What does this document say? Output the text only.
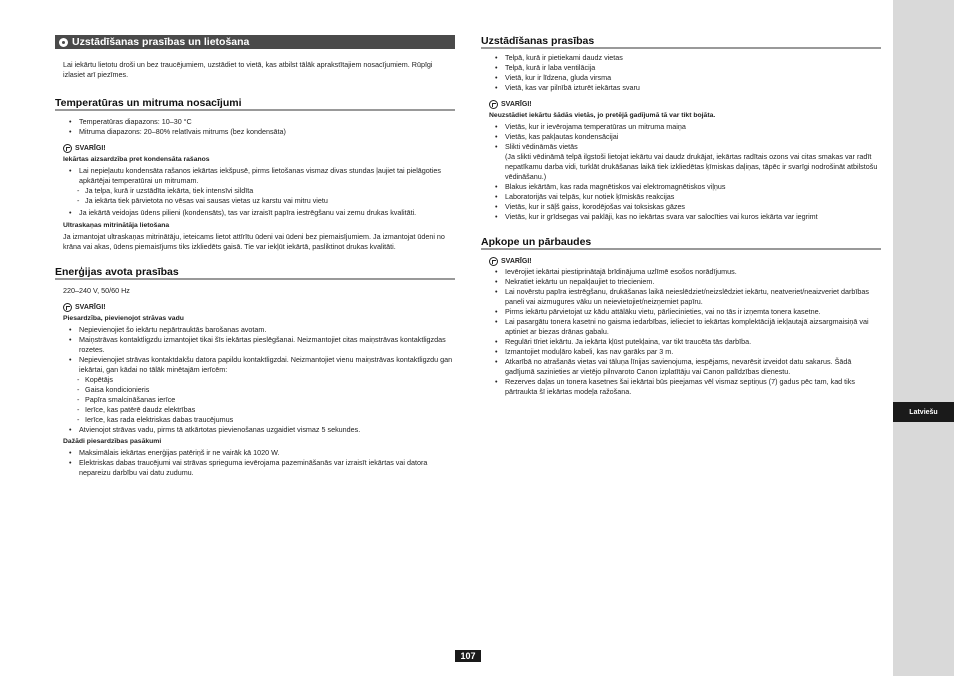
Latviešu
Uzstādīšanas prasības un lietošana

Lai iekārtu lietotu droši un bez traucējumiem, uzstādiet to vietā, kas atbilst tālāk aprakstītajiem nosacījumiem. Rūpīgi izlasiet arī piezīmes.

Temperatūras un mitruma nosacījumi
• Temperatūras diapazons: 10–30 °C
• Mitruma diapazons: 20–80% relatīvais mitrums (bez kondensāta)
SVARĪGI!
Iekārtas aizsardzība pret kondensāta rašanos
• Lai nepieļautu kondensāta rašanos iekārtas iekšpusē, pirms lietošanas vismaz divas stundas ļaujiet tai pielāgoties apkārtējai temperatūrai un mitrumam.
- Ja telpa, kurā ir uzstādīta iekārta, tiek intensīvi sildīta
- Ja iekārta tiek pārvietota no vēsas vai sausas vietas uz karstu vai mitru vietu
• Ja iekārtā veidojas ūdens pilieni (kondensāts), tas var izraisīt papīra iestrēgšanu vai zemu drukas kvalitāti.
Ultraskaņas mitrinātāja lietošana

Ja izmantojat ultraskaņas mitrinātāju, ieteicams lietot attīrītu ūdeni vai ūdeni bez piemaisījumiem. Ja izmantojat ūdeni no krāna vai akas, ūdens piemaisījums tiks izkliedēts gaisā. Tie var iekļūt iekārtā, pasliktinot drukas kvalitāti.

Enerģijas avota prasības

220–240 V, 50/60 Hz

SVARĪGI!
Piesardzība, pievienojot strāvas vadu
• Nepievienojiet šo iekārtu nepārtrauktās barošanas avotam.
• Maiņstrāvas kontaktligzdu izmantojiet tikai šīs iekārtas pieslēgšanai. Neizmantojiet citas maiņstrāvas kontaktligzdas rozetes.
• Nepievienojiet strāvas kontaktdakšu datora papildu kontaktligzdai. Neizmantojiet vienu maiņstrāvas kontaktligzdu gan iekārtai, gan kādai no tālāk minētajām ierīcēm:
- Kopētājs
- Gaisa kondicionieris
- Papīra smalcināšanas ierīce
- Ierīce, kas patērē daudz elektrības
- Ierīce, kas rada elektriskas dabas traucējumus
• Atvienojot strāvas vadu, pirms tā atkārtotas pievienošanas uzgaidiet vismaz 5 sekundes.
Dažādi piesardzības pasākumi
• Maksimālais iekārtas enerģijas patēriņš ir ne vairāk kā 1020 W.
• Elektriskas dabas traucējumi vai strāvas sprieguma ievērojama pazemināšanās var izraisīt iekārtas vai datora nepareizu darbību vai datu zudumu.
Uzstādīšanas prasības
• Telpā, kurā ir pietiekami daudz vietas
• Telpā, kurā ir laba ventilācija
• Vietā, kur ir līdzena, gluda virsma
• Vietā, kas var pilnībā izturēt iekārtas svaru
SVARĪGI!
Neuzstādiet iekārtu šādās vietās, jo pretējā gadījumā tā var tikt bojāta.
• Vietās, kur ir ievērojama temperatūras un mitruma maiņa
• Vietās, kas pakļautas kondensācijai
• Slikti vēdināmās vietās
(Ja slikti vēdināmā telpā ilgstoši lietojat iekārtu vai daudz drukājat, iekārtas radītais ozons vai citas smakas var radīt nepatīkamu darba vidi, turklāt drukāšanas laikā tiek izkliedētas ķīmiskas daļiņas, tāpēc ir svarīgi nodrošināt atbilstošu vēdināšanu.)
• Blakus iekārtām, kas rada magnētiskos vai elektromagnētiskos viļņus
• Laboratorijās vai telpās, kur notiek ķīmiskās reakcijas
• Vietās, kur ir sāļš gaiss, korodējošas vai toksiskas gāzes
• Vietās, kur ir grīdsegas vai paklāji, kas no iekārtas svara var salocīties vai kuros iekārta var iegrimt
Apkope un pārbaudes
SVARĪGI!
• Ievērojiet iekārtai piestiprinātajā brīdinājuma uzlīmē esošos norādījumus.
• Nekratiet iekārtu un nepakļaujiet to triecieniem.
• Lai novērstu papīra iestrēgšanu, drukāšanas laikā neieslēdziet/neizslēdziet iekārtu, neatveriet/neaizveriet darbības paneli vai aizmugures vāku un neievietojiet/neizņemiet papīru.
• Pirms iekārtu pārvietojat uz kādu attālāku vietu, pārliecinieties, vai no tās ir izņemta tonera kasetne.
• Lai pasargātu tonera kasetni no gaisma iedarbības, ielieciet to iekārtas komplektācijā iekļautajā aizsargmaisiņā vai aptiniet ar biezas drānas gabalu.
• Regulāri tīriet iekārtu. Ja iekārta kļūst putekļaina, var tikt traucēta tās darbība.
• Izmantojiet moduļāro kabeli, kas nav garāks par 3 m.
• Atkarībā no atrašanās vietas vai tāluņa līnijas savienojuma, iespējams, nevarēsit izveidot datu sakarus. Šādā gadījumā sazinieties ar vietējo pilnvaroto Canon izplatītāju vai Canon palīdzības dienestu.
• Rezerves daļas un tonera kasetnes šai iekārtai būs pieejamas vēl vismaz septiņus (7) gadus pēc tam, kad tiks pārtraukta šī iekārtas modeļa ražošana.
107
